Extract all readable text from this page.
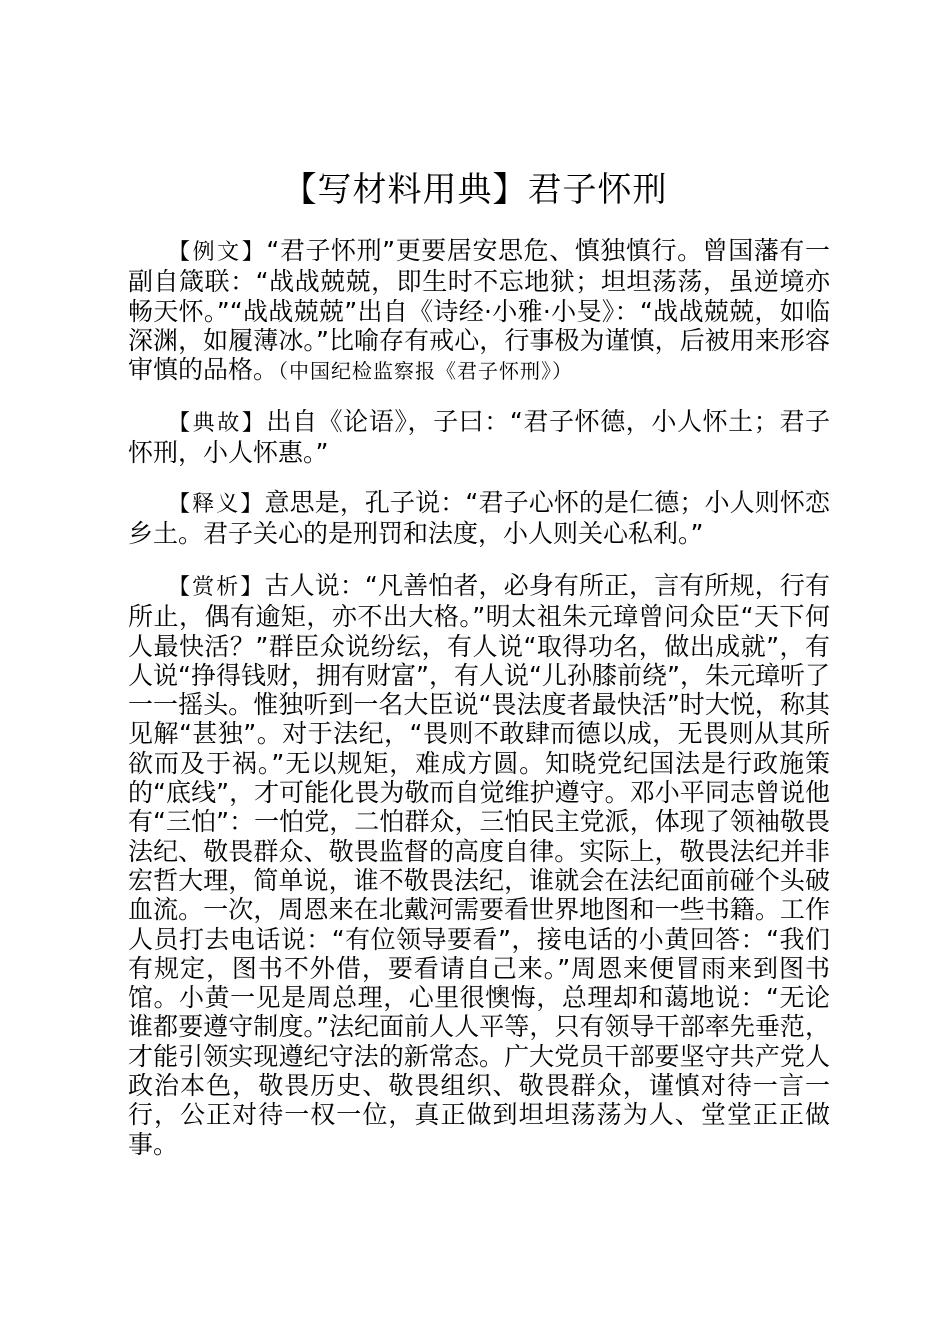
【写材料用典】君子怀刑

【例文】“君子怀刑”更要居安思危、慎独慎行。曾国藩有一副自箴联：“战战兢兢，即生时不忘地狱；坦坦荡荡，虽逆境亦畅天怀。”“战战兢兢”出自《诗经·小雅·小旻》：“战战兢兢，如临深渊，如履薄冰。”比喻存有戒心，行事极为谨慎，后被用来形容审慎的品格。（中国纪检监察报《君子怀刑》）

【典故】出自《论语》，子曰：“君子怀德，小人怀土；君子怀刑，小人怀惠。”

【释义】意思是，孔子说：“君子心怀的是仁德；小人则怀恋乡土。君子关心的是刑罚和法度，小人则关心私利。”

【赏析】古人说：“凡善怕者，必身有所正，言有所规，行有所止，偶有逾矩，亦不出大格。”明太祖朱元璋曾问众臣“天下何人最快活？”群臣众说纷纭，有人说“取得功名，做出成就”，有人说“挣得钱财，拥有财富”，有人说“儿孙膝前绕”，朱元璋听了一一摇头。惟独听到一名大臣说“畏法度者最快活”时大悦，称其见解“甚独”。对于法纪，“畏则不敢肆而德以成，无畏则从其所欲而及于祸。”无以规矩，难成方圆。知晓党纪国法是行政施策的“底线”，才可能化畏为敬而自觉维护遵守。邓小平同志曾说他有“三怕”：一怕党，二怕群众，三怕民主党派，体现了领袖敬畏法纪、敬畏群众、敬畏监督的高度自律。实际上，敬畏法纪并非宏哲大理，简单说，谁不敬畏法纪，谁就会在法纪面前碰个头破血流。一次，周恩来在北戴河需要看世界地图和一些书籍。工作人员打去电话说：“有位领导要看”，接电话的小黄回答：“我们有规定，图书不外借，要看请自己来。”周恩来便冒雨来到图书馆。小黄一见是周总理，心里很懊悔，总理却和蔼地说：“无论谁都要遵守制度。”法纪面前人人平等，只有领导干部率先垂范，才能引领实现遵纪守法的新常态。广大党员干部要坚守共产党人政治本色，敬畏历史、敬畏组织、敬畏群众，谨慎对待一言一行，公正对待一权一位，真正做到坦坦荡荡为人、堂堂正正做事。
